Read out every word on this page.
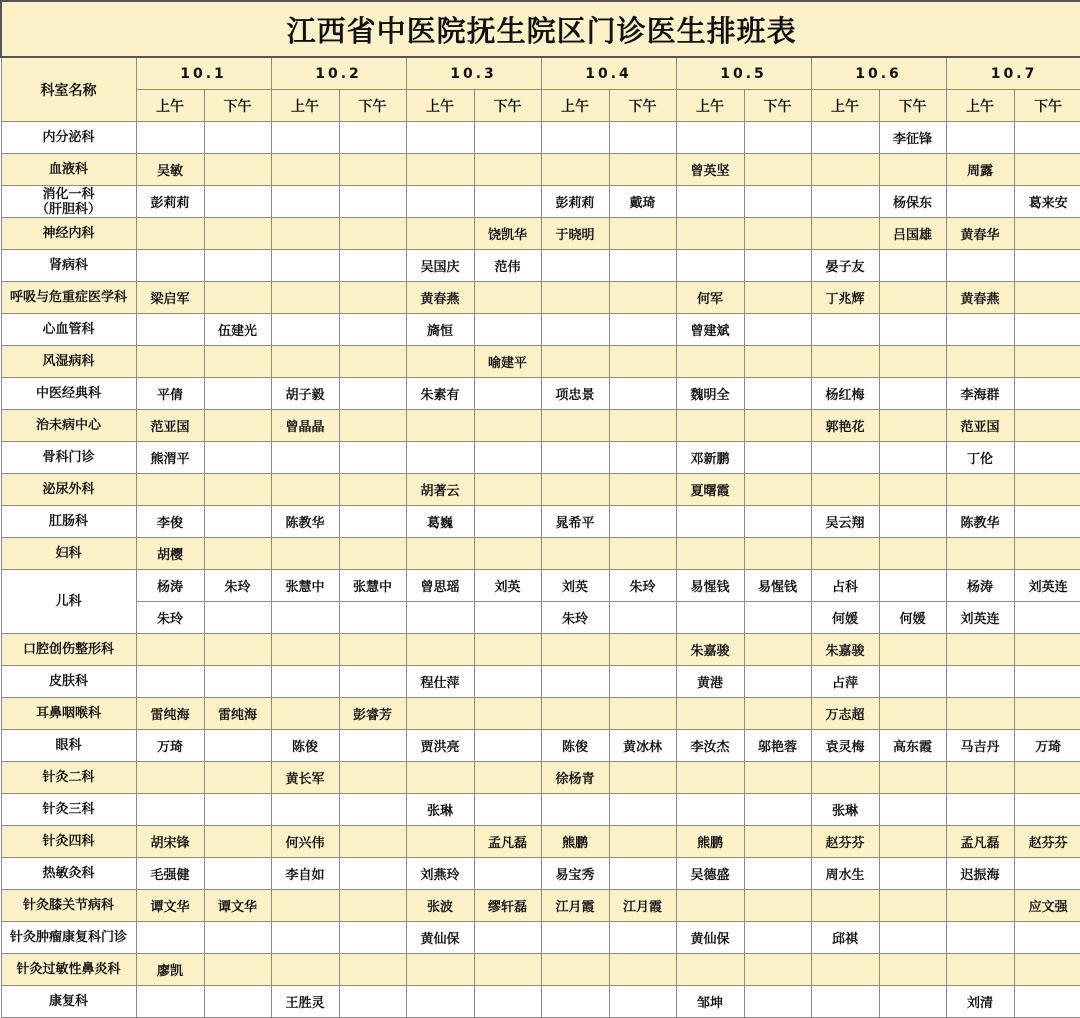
江西省中医院抚生院区门诊医生排班表														
科室名称	10.1		10.2		10.3		10.4		10.5		10.6		10.7	
	上午	下午	上午	下午	上午	下午	上午	下午	上午	下午	上午	下午	上午	下午
内分泌科												李征锋		
血液科	吴敏								曾英坚				周露	
消化一科
（肝胆科）	彭莉莉						彭莉莉	戴琦				杨保东		葛来安
神经内科						饶凯华	于晓明					吕国雄	黄春华	
肾病科					吴国庆	范伟					晏子友			
呼吸与危重症医学科	梁启军				黄春燕				何军		丁兆辉		黄春燕	
心血管科		伍建光			旖恒				曾建斌					
风湿病科						喻建平								
中医经典科	平倩		胡子毅		朱素有		项忠景		魏明全		杨红梅		李海群	
治未病中心	范亚国		曾晶晶								郭艳花		范亚国	
骨科门诊	熊渭平								邓新鹏				丁伦	
泌尿外科					胡著云				夏曙霞					
肛肠科	李俊		陈教华		葛巍		晁希平				吴云翔		陈教华	
妇科	胡樱													
儿科	杨涛	朱玲	张慧中	张慧中	曾思瑶	刘英	刘英	朱玲	易惺钱	易惺钱	占科		杨涛	刘英连
	朱玲						朱玲				何媛	何媛	刘英连	
口腔创伤整形科									朱嘉骏		朱嘉骏			
皮肤科					程仕萍				黄港		占萍			
耳鼻咽喉科	雷纯海	雷纯海		彭睿芳							万志超			
眼科	万琦		陈俊		贾洪亮		陈俊	黄冰林	李汝杰	邬艳蓉	袁灵梅	高东霞	马吉丹	万琦
针灸二科			黄长军				徐杨青							
针灸三科					张琳						张琳			
针灸四科	胡宋锋		何兴伟			孟凡磊	熊鹏		熊鹏		赵芬芬		孟凡磊	赵芬芬
热敏灸科	毛强健		李自如		刘燕玲		易宝秀		吴德盛		周水生		迟振海	
针灸膝关节病科	谭文华	谭文华			张波	缪轩磊	江月霞	江月霞						应文强
针灸肿瘤康复科门诊					黄仙保				黄仙保		邱祺			
针灸过敏性鼻炎科	廖凯													
康复科			王胜灵						邹坤				刘清	
